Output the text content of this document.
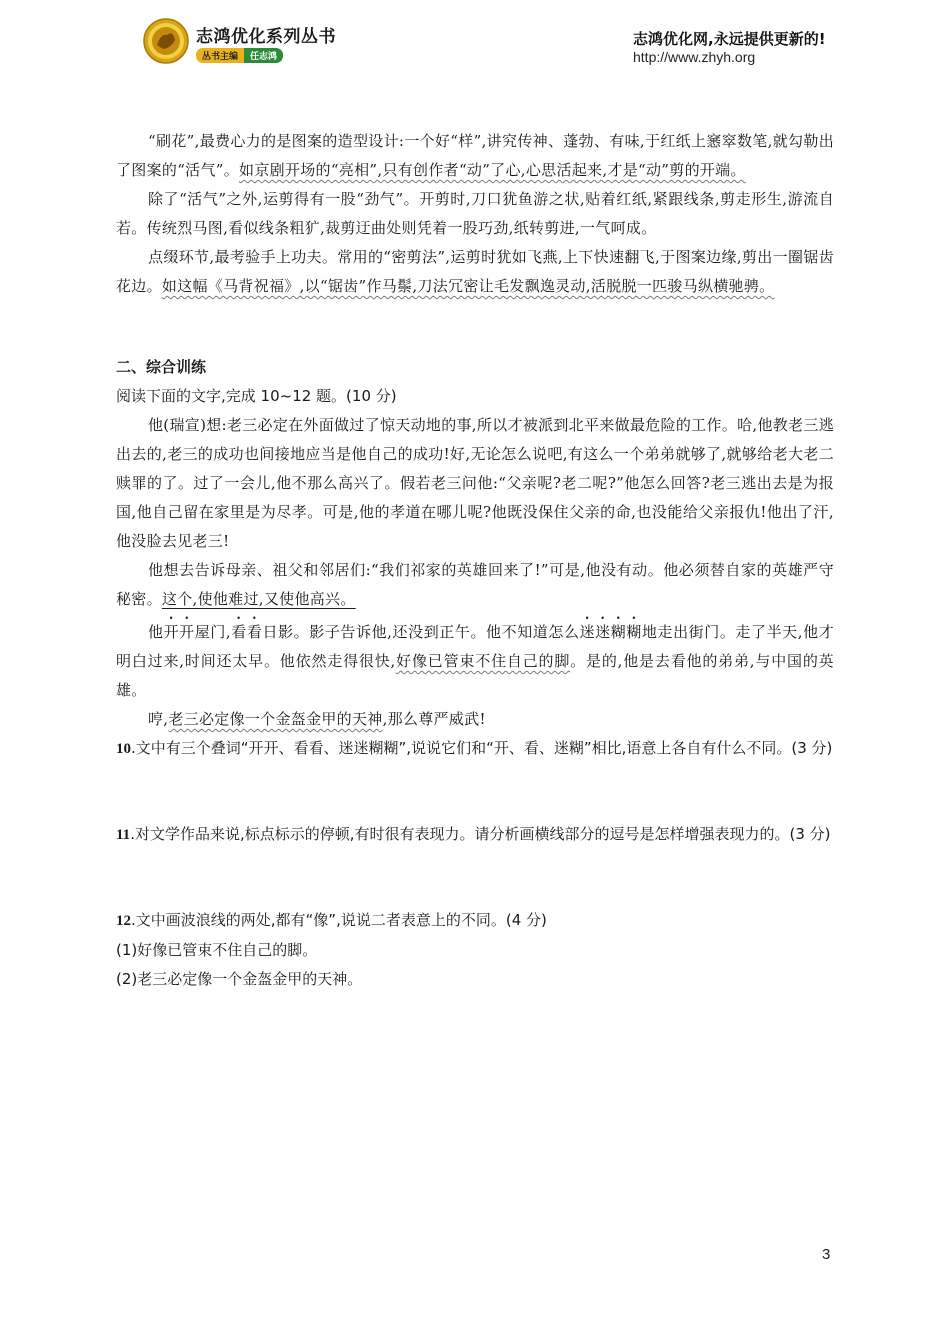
志鸿优化系列丛书
丛书主编	任志鸿
志鸿优化网,永远提供更新的!
http://www.zhyh.org

“刷花”,最费心力的是图案的造型设计:一个好“样”,讲究传神、蓬勃、有味,于红纸上窸窣数笔,就勾勒出了图案的“活气”。如京剧开场的“亮相”,只有创作者“动”了心,心思活起来,才是“动”剪的开端。

除了“活气”之外,运剪得有一股“劲气”。开剪时,刀口犹鱼游之状,贴着红纸,紧跟线条,剪走形生,游流自若。传统烈马图,看似线条粗犷,裁剪迂曲处则凭着一股巧劲,纸转剪进,一气呵成。

点缀环节,最考验手上功夫。常用的“密剪法”,运剪时犹如飞燕,上下快速翻飞,于图案边缘,剪出一圈锯齿花边。如这幅《马背祝福》,以“锯齿”作马鬃,刀法冗密让毛发飘逸灵动,活脱脱一匹骏马纵横驰骋。

二、综合训练

阅读下面的文字,完成 10~12 题。(10 分)

他(瑞宣)想:老三必定在外面做过了惊天动地的事,所以才被派到北平来做最危险的工作。哈,他教老三逃出去的,老三的成功也间接地应当是他自己的成功!好,无论怎么说吧,有这么一个弟弟就够了,就够给老大老二赎罪的了。过了一会儿,他不那么高兴了。假若老三问他:“父亲呢?老二呢?”他怎么回答?老三逃出去是为报国,他自己留在家里是为尽孝。可是,他的孝道在哪儿呢?他既没保住父亲的命,也没能给父亲报仇!他出了汗,他没脸去见老三!

他想去告诉母亲、祖父和邻居们:“我们祁家的英雄回来了!”可是,他没有动。他必须替自家的英雄严守秘密。这个,使他难过,又使他高兴。

他开开屋门,看看日影。影子告诉他,还没到正午。他不知道怎么迷迷糊糊地走出街门。走了半天,他才明白过来,时间还太早。他依然走得很快,好像已管束不住自己的脚。是的,他是去看他的弟弟,与中国的英雄。

哼,老三必定像一个金盔金甲的天神,那么尊严威武!

10.文中有三个叠词“开开、看看、迷迷糊糊”,说说它们和“开、看、迷糊”相比,语意上各自有什么不同。(3 分)

11.对文学作品来说,标点标示的停顿,有时很有表现力。请分析画横线部分的逗号是怎样增强表现力的。(3 分)

12.文中画波浪线的两处,都有“像”,说说二者表意上的不同。(4 分)

(1)好像已管束不住自己的脚。

(2)老三必定像一个金盔金甲的天神。

3
